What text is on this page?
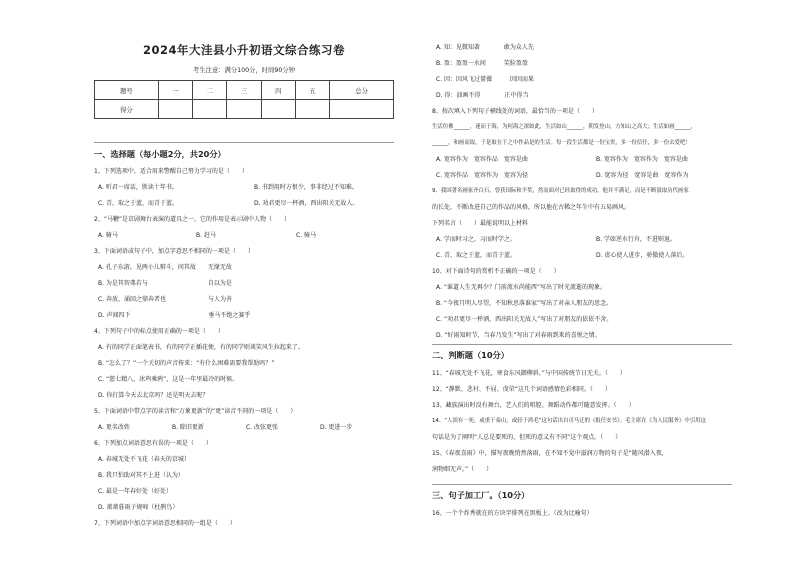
2024年大洼县小升初语文综合练习卷
考生注意：满分100分，时间90分钟
题号	一	二	三	四	五	总分
得分						
一、选择题（每小题2分，共20分）
1、下列选项中，适合用来警醒自己努力学习的是（　　）
A. 听君一席话，胜读十年书。	B. 书到用时方恨少，事非经过不知难。
C. 青，取之于蓝，而青于蓝。	D. 劝君更尽一杯酒，西出阳关无故人。
2、“马鞭”是京剧舞台表演的道具之一，它的作用是表示剧中人物（　　）
A. 骑马	B. 赶马	C. 骑马
3、下面词语或句子中，加点字意思不相同的一项是（　　）
A. 孔子东游，见两小儿辩斗，问其故　　无缘无故
B. 为是其智弗若与　　　　　　　　　　自以为是
C. 奔放，涌回之鼎奔者也　　　　　　　与人为善
D. 声闻四下　　　　　　　　　　　　　垂马不绝之赛乎
4、下列句子中的标点使用正确的一项是（　　）
A. 有的同学正面笔表书，有的同学正插花便，有的同学则谈笑风生拉起来了。
B. “怎么了？”一个关切的声音传来：“有什么困难需要我帮助吗？”
C. “慈七精八，冰鸡乘鸦”，这是一年里最冷的时候。
D. 你打算今天去北京吗？还是明天去呢？
5、下面词语中带点字的读音和“万象更新”的“更”读音不同的一项是（　　）
A. 更名改姓	B. 除旧更新	C. 改弦更张	D. 更进一步
6、下列加点词语意思有误的一项是（　　）
A. 春城无处不飞花（春天的京城）
B. 我只怕助对其不上进（认为）
C. 最是一年春好处（好处）
D. 萧萧暮雨子规啼（杜鹃鸟）
7、下列词语中加点字词语意思相同的一组是（　　）
A. 知：见微知著　　　　敢为众人先
B. 盈：盈盈一水间　　　笑脸盈盈
C. 因：因风飞过蔷薇　　　因因而果
D. 得：油画不得　　　　正中得当
8、按次填入下列句子横线处的词语，最恰当的一项是（　　）
生活仿佛______，迷而于海，为何海之深如此，生活如山______，朝发登山，方知山之高大；生活如画______，
______，和画而取，于是取在于之中作品是的生活。每一段生活都是一份宝贵，多一份信任，多一份去爱吧！
A. 宽容作为　宽容作品　宽容是曲	B. 宽容作为　宽容作为　宽容是曲
C. 宽容作品　宽容作为　宽容为径	D. 宽容为径　宽容是曲　宽容作为
9、我国著名画家齐白石，曾获国际和平奖，然而面对已经取得的成功，他并不满足，而是不断汲取历代画家
的长处，不断改进自己的作品的风格，所以他在古稀之年生中有五易画风。
下列名言（　　）最能说明以上材料
A. 学而时习之，习而时学之。	B. 学如逆水行舟，不进则退。
C. 青，取之于蓝，而青于蓝。	D. 虚心使人进步，骄傲使人落后。
10、对下面诗句的赏析不正确的一项是（　　）
A. “谁道人生无再少？门前流水尚能西”写出了时光流逝的现象。
B. “今夜月明人尽望，不知秋思落谁家”写出了对亲人朋友的思念。
C. “劝君更尽一杯酒，西出阳关无故人”写出了对朋友的依依不舍。
D. “好雨知时节，当春乃发生”写出了对春雨到来的喜悦之情。
二、判断题（10分）
11、“春城无处不飞花，寒食东风御柳斜。”与中国传统节日无关。（　　）
12、“静默、悲衬、不屈、虔荣”这几个词语感情色彩相同。（　　）
13、藏族演出时没有舞台，艺人们的唱腔、舞蹈动作都可随意发挥。（　　）
14、“人固有一死，或重于泰山，或轻于鸿毛”这句话出自司马迁的《报任安书》。毛主席在《为人民服务》中引用这
句话是为了阐明“人总是要死的，但死的意义有不同”这个观点。（　　）
15、《春夜喜雨》中，描写夜晚悄然落雨，在不知不觉中滋润万物的句子是“随风潜入夜，
润物细无声。”（　　）
三、句子加工厂。（10分）
16、一个个炸秀就在的方块字排列在黑板上。（改为比喻句）
